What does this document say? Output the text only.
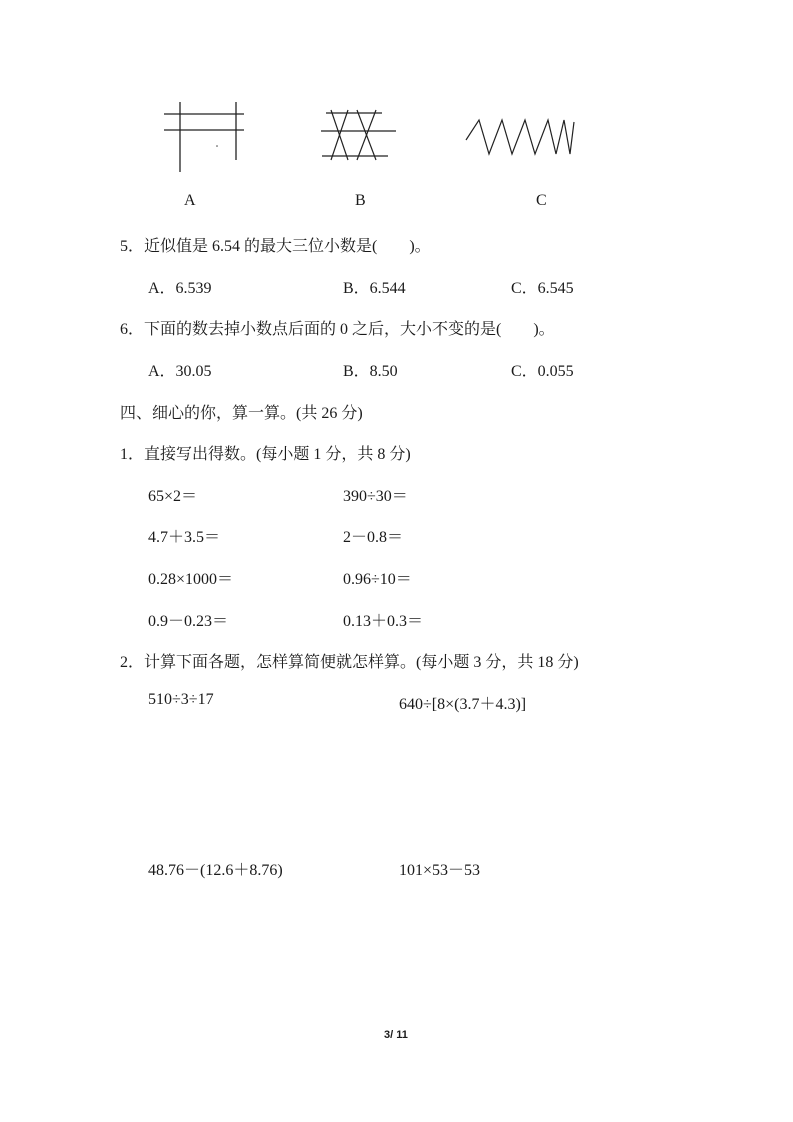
A	B	C
5．近似值是 6.54 的最大三位小数是(　　)。
A．6.539	B．6.544	C．6.545
6．下面的数去掉小数点后面的 0 之后，大小不变的是(　　)。
A．30.05	B．8.50	C．0.055
四、细心的你，算一算。(共 26 分)
1．直接写出得数。(每小题 1 分，共 8 分)
65×2＝	390÷30＝
4.7＋3.5＝	2－0.8＝
0.28×1000＝	0.96÷10＝
0.9－0.23＝	0.13＋0.3＝
2．计算下面各题，怎样算简便就怎样算。(每小题 3 分，共 18 分)
510÷3÷17	640÷[8×(3.7＋4.3)]
48.76－(12.6＋8.76)	101×53－53
3/ 11
